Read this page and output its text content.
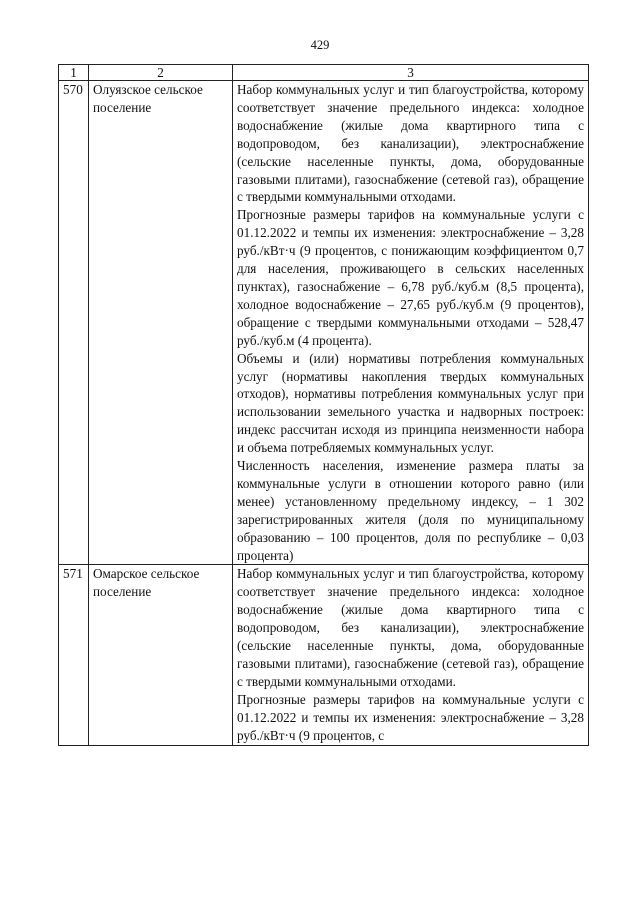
429
1	2	3
570	Олуязское сельское поселение	Набор коммунальных услуг и тип благоустройства, которому соответствует значение предельного индекса: холодное водоснабжение (жилые дома квартирного типа с водопроводом, без канализации), электроснабжение (сельские населенные пункты, дома, оборудованные газовыми плитами), газоснабжение (сетевой газ), обращение с твердыми коммунальными отходами.

Прогнозные размеры тарифов на коммунальные услуги с 01.12.2022 и темпы их изменения: электроснабжение – 3,28 руб./кВт·ч (9 процентов, с понижающим коэффициентом 0,7 для населения, проживающего в сельских населенных пунктах), газоснабжение – 6,78 руб./куб.м (8,5 процента), холодное водоснабжение – 27,65 руб./куб.м (9 процентов), обращение с твердыми коммунальными отходами – 528,47 руб./куб.м (4 процента).

Объемы и (или) нормативы потребления коммунальных услуг (нормативы накопления твердых коммунальных отходов), нормативы потребления коммунальных услуг при использовании земельного участка и надворных построек: индекс рассчитан исходя из принципа неизменности набора и объема потребляемых коммунальных услуг.

Численность населения, изменение размера платы за коммунальные услуги в отношении которого равно (или менее) установленному предельному индексу, – 1 302 зарегистрированных жителя (доля по муниципальному образованию – 100 процентов, доля по республике – 0,03 процента)

571	Омарское сельское поселение	Набор коммунальных услуг и тип благоустройства, которому соответствует значение предельного индекса: холодное водоснабжение (жилые дома квартирного типа с водопроводом, без канализации), электроснабжение (сельские населенные пункты, дома, оборудованные газовыми плитами), газоснабжение (сетевой газ), обращение с твердыми коммунальными отходами.

Прогнозные размеры тарифов на коммунальные услуги с 01.12.2022 и темпы их изменения: электроснабжение – 3,28 руб./кВт·ч (9 процентов, с
